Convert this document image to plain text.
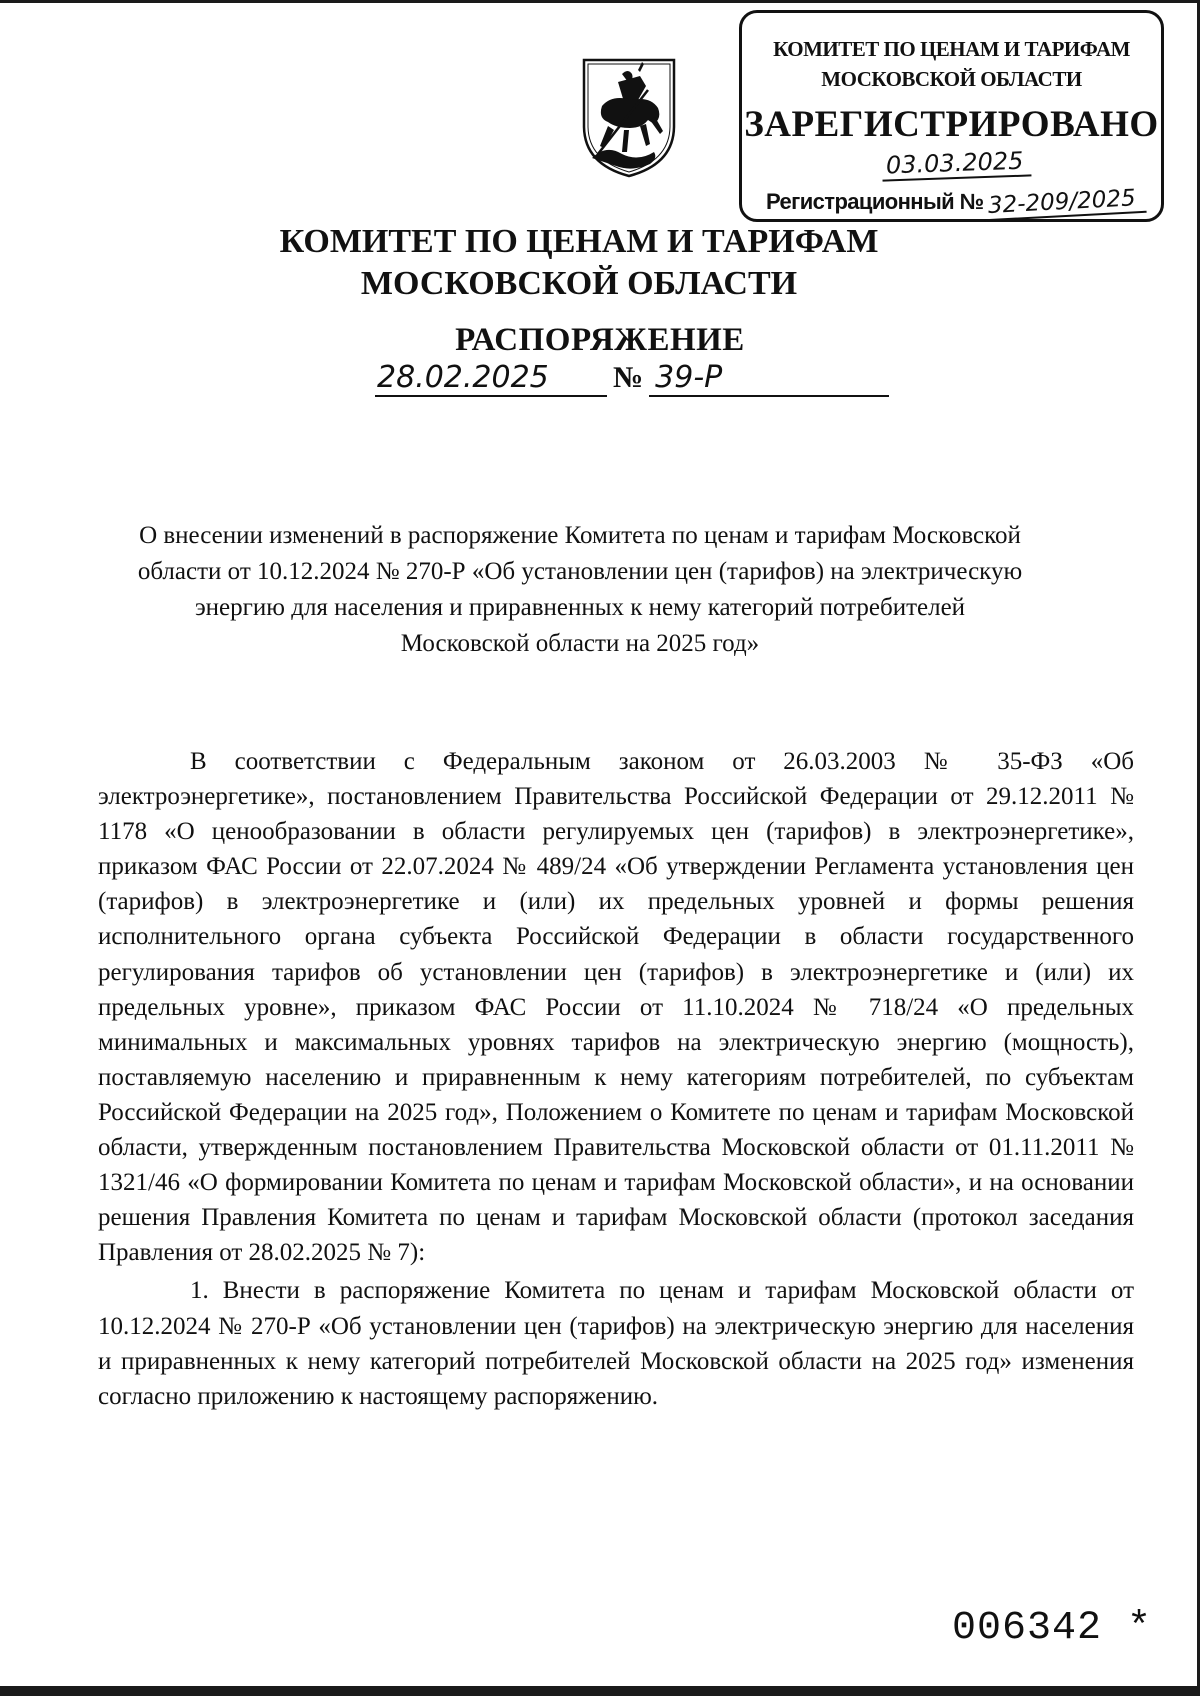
КОМИТЕТ ПО ЦЕНАМ И ТАРИФАМ
МОСКОВСКОЙ ОБЛАСТИ
ЗАРЕГИСТРИРОВАНО
03.03.2025
Регистрационный № 32-209/2025
КОМИТЕТ ПО ЦЕНАМ И ТАРИФАМ
МОСКОВСКОЙ ОБЛАСТИ
РАСПОРЯЖЕНИЕ
28.02.2025 № 39-Р
О внесении изменений в распоряжение Комитета по ценам и тарифам Московской области от 10.12.2024 № 270-Р «Об установлении цен (тарифов) на электрическую энергию для населения и приравненных к нему категорий потребителей Московской области на 2025 год»

В соответствии с Федеральным законом от 26.03.2003 № 35-ФЗ «Об электроэнергетике», постановлением Правительства Российской Федерации от 29.12.2011 № 1178 «О ценообразовании в области регулируемых цен (тарифов) в электроэнергетике», приказом ФАС России от 22.07.2024 № 489/24 «Об утверждении Регламента установления цен (тарифов) в электроэнергетике и (или) их предельных уровней и формы решения исполнительного органа субъекта Российской Федерации в области государственного регулирования тарифов об установлении цен (тарифов) в электроэнергетике и (или) их предельных уровне», приказом ФАС России от 11.10.2024 № 718/24 «О предельных минимальных и максимальных уровнях тарифов на электрическую энергию (мощность), поставляемую населению и приравненным к нему категориям потребителей, по субъектам Российской Федерации на 2025 год», Положением о Комитете по ценам и тарифам Московской области, утвержденным постановлением Правительства Московской области от 01.11.2011 № 1321/46 «О формировании Комитета по ценам и тарифам Московской области», и на основании решения Правления Комитета по ценам и тарифам Московской области (протокол заседания Правления от 28.02.2025 № 7):

1. Внести в распоряжение Комитета по ценам и тарифам Московской области от 10.12.2024 № 270-Р «Об установлении цен (тарифов) на электрическую энергию для населения и приравненных к нему категорий потребителей Московской области на 2025 год» изменения согласно приложению к настоящему распоряжению.

006342 *
